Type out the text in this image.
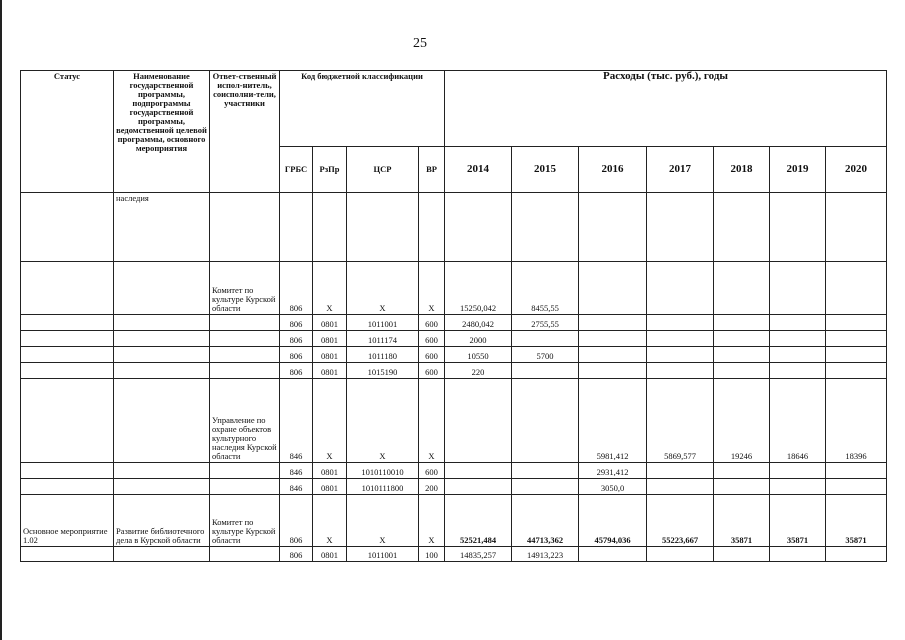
25
Статус	Наименование государственной программы, подпрограммы государственной программы, ведомственной целевой программы, основного мероприятия	Ответ-ственный испол-нитель, соисполни-тели, участники	Код бюджетной классификации				Расходы (тыс. руб.), годы						
			ГРБС	РзПр	ЦСР	ВР	2014	2015	2016	2017	2018	2019	2020
	наследия												
		Комитет по культуре Курской области	806	X	X	X	15250,042	8455,55					
			806	0801	1011001	600	2480,042	2755,55					
			806	0801	1011174	600	2000						
			806	0801	1011180	600	10550	5700					
			806	0801	1015190	600	220						
		Управление по охране объектов культурного наследия Курской области	846	X	X	X			5981,412	5869,577	19246	18646	18396
			846	0801	1010110010	600			2931,412				
			846	0801	1010111800	200			3050,0				
Основное мероприятие 1.02	Развитие библиотечного дела в Курской области	Комитет по культуре Курской области	806	X	X	X	52521,484	44713,362	45794,036	55223,667	35871	35871	35871
			806	0801	1011001	100	14835,257	14913,223					
